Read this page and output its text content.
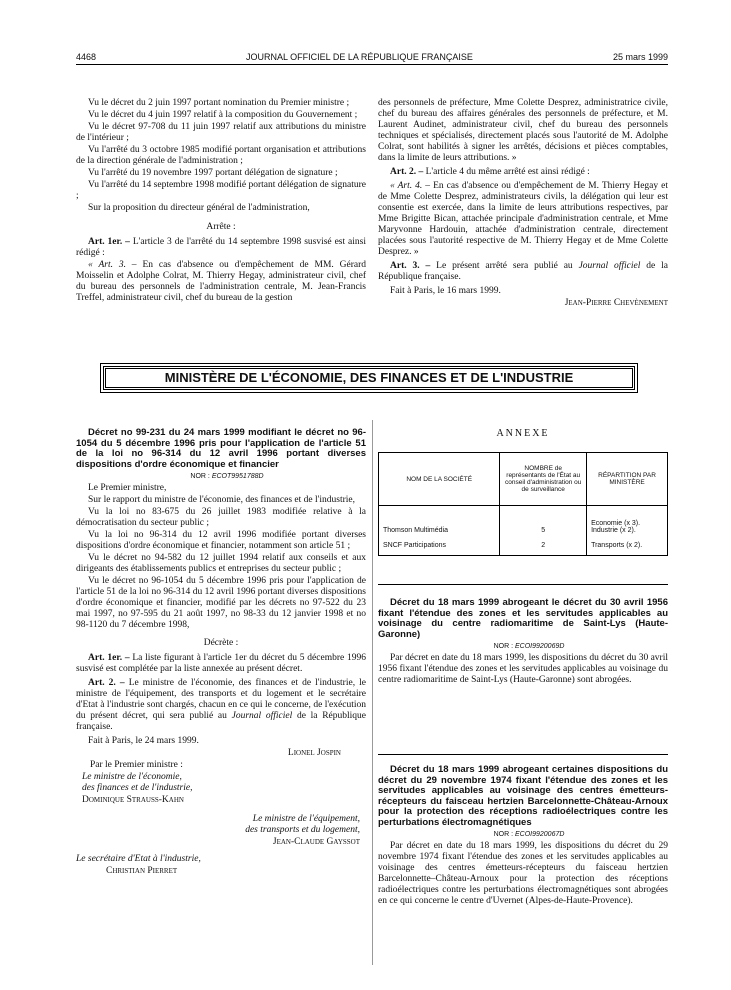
4468	JOURNAL OFFICIEL DE LA RÉPUBLIQUE FRANÇAISE	25 mars 1999

Vu le décret du 2 juin 1997 portant nomination du Premier ministre ;

Vu le décret du 4 juin 1997 relatif à la composition du Gouvernement ;

Vu le décret 97-708 du 11 juin 1997 relatif aux attributions du ministre de l'intérieur ;

Vu l'arrêté du 3 octobre 1985 modifié portant organisation et attributions de la direction générale de l'administration ;

Vu l'arrêté du 19 novembre 1997 portant délégation de signature ;

Vu l'arrêté du 14 septembre 1998 modifié portant délégation de signature ;

Sur la proposition du directeur général de l'administration,

Arrête :

Art. 1er. – L'article 3 de l'arrêté du 14 septembre 1998 susvisé est ainsi rédigé :

« Art. 3. – En cas d'absence ou d'empêchement de MM. Gérard Moisselin et Adolphe Colrat, M. Thierry Hegay, administrateur civil, chef du bureau des personnels de l'administration centrale, M. Jean-Francis Treffel, administrateur civil, chef du bureau de la gestion

des personnels de préfecture, Mme Colette Desprez, administratrice civile, chef du bureau des affaires générales des personnels de préfecture, et M. Laurent Audinet, administrateur civil, chef du bureau des personnels techniques et spécialisés, directement placés sous l'autorité de M. Adolphe Colrat, sont habilités à signer les arrêtés, décisions et pièces comptables, dans la limite de leurs attributions. »

Art. 2. – L'article 4 du même arrêté est ainsi rédigé :

« Art. 4. – En cas d'absence ou d'empêchement de M. Thierry Hegay et de Mme Colette Desprez, administrateurs civils, la délégation qui leur est consentie est exercée, dans la limite de leurs attributions respectives, par Mme Brigitte Bican, attachée principale d'administration centrale, et Mme Maryvonne Hardouin, attachée d'administration centrale, directement placées sous l'autorité respective de M. Thierry Hegay et de Mme Colette Desprez. »

Art. 3. – Le présent arrêté sera publié au Journal officiel de la République française.

Fait à Paris, le 16 mars 1999.

Jean-Pierre Chevènement

MINISTÈRE DE L'ÉCONOMIE, DES FINANCES ET DE L'INDUSTRIE

Décret no 99-231 du 24 mars 1999 modifiant le décret no 96-1054 du 5 décembre 1996 pris pour l'application de l'article 51 de la loi no 96-314 du 12 avril 1996 portant diverses dispositions d'ordre économique et financier

NOR : ECOT9951788D

Le Premier ministre,

Sur le rapport du ministre de l'économie, des finances et de l'industrie,

Vu la loi no 83-675 du 26 juillet 1983 modifiée relative à la démocratisation du secteur public ;

Vu la loi no 96-314 du 12 avril 1996 modifiée portant diverses dispositions d'ordre économique et financier, notamment son article 51 ;

Vu le décret no 94-582 du 12 juillet 1994 relatif aux conseils et aux dirigeants des établissements publics et entreprises du secteur public ;

Vu le décret no 96-1054 du 5 décembre 1996 pris pour l'application de l'article 51 de la loi no 96-314 du 12 avril 1996 portant diverses dispositions d'ordre économique et financier, modifié par les décrets no 97-522 du 23 mai 1997, no 97-595 du 21 août 1997, no 98-33 du 12 janvier 1998 et no 98-1120 du 7 décembre 1998,

Décrète :

Art. 1er. – La liste figurant à l'article 1er du décret du 5 décembre 1996 susvisé est complétée par la liste annexée au présent décret.

Art. 2. – Le ministre de l'économie, des finances et de l'industrie, le ministre de l'équipement, des transports et du logement et le secrétaire d'Etat à l'industrie sont chargés, chacun en ce qui le concerne, de l'exécution du présent décret, qui sera publié au Journal officiel de la République française.

Fait à Paris, le 24 mars 1999.

Lionel Jospin

Par le Premier ministre :

Le ministre de l'économie,
des finances et de l'industrie,

Dominique Strauss-Kahn

Le ministre de l'équipement,
des transports et du logement,

Jean-Claude Gayssot

Le secrétaire d'Etat à l'industrie,

Christian Pierret

ANNEXE
NOM DE LA SOCIÉTÉ	NOMBRE de représentants de l'État au conseil d'administration ou de surveillance	RÉPARTITION PAR MINISTÈRE
Thomson Multimédia	5	Economie (x 3). Industrie (x 2).
SNCF Participations	2	Transports (x 2).

Décret du 18 mars 1999 abrogeant le décret du 30 avril 1956 fixant l'étendue des zones et les servitudes applicables au voisinage du centre radiomaritime de Saint-Lys (Haute-Garonne)

NOR : ECOI9920069D

Par décret en date du 18 mars 1999, les dispositions du décret du 30 avril 1956 fixant l'étendue des zones et les servitudes applicables au voisinage du centre radiomaritime de Saint-Lys (Haute-Garonne) sont abrogées.

Décret du 18 mars 1999 abrogeant certaines dispositions du décret du 29 novembre 1974 fixant l'étendue des zones et les servitudes applicables au voisinage des centres émetteurs-récepteurs du faisceau hertzien Barcelonnette-Château-Arnoux pour la protection des réceptions radioélectriques contre les perturbations électromagnétiques

NOR : ECOI9920067D

Par décret en date du 18 mars 1999, les dispositions du décret du 29 novembre 1974 fixant l'étendue des zones et les servitudes applicables au voisinage des centres émetteurs-récepteurs du faisceau hertzien Barcelonnette–Château-Arnoux pour la protection des réceptions radioélectriques contre les perturbations électromagnétiques sont abrogées en ce qui concerne le centre d'Uvernet (Alpes-de-Haute-Provence).
